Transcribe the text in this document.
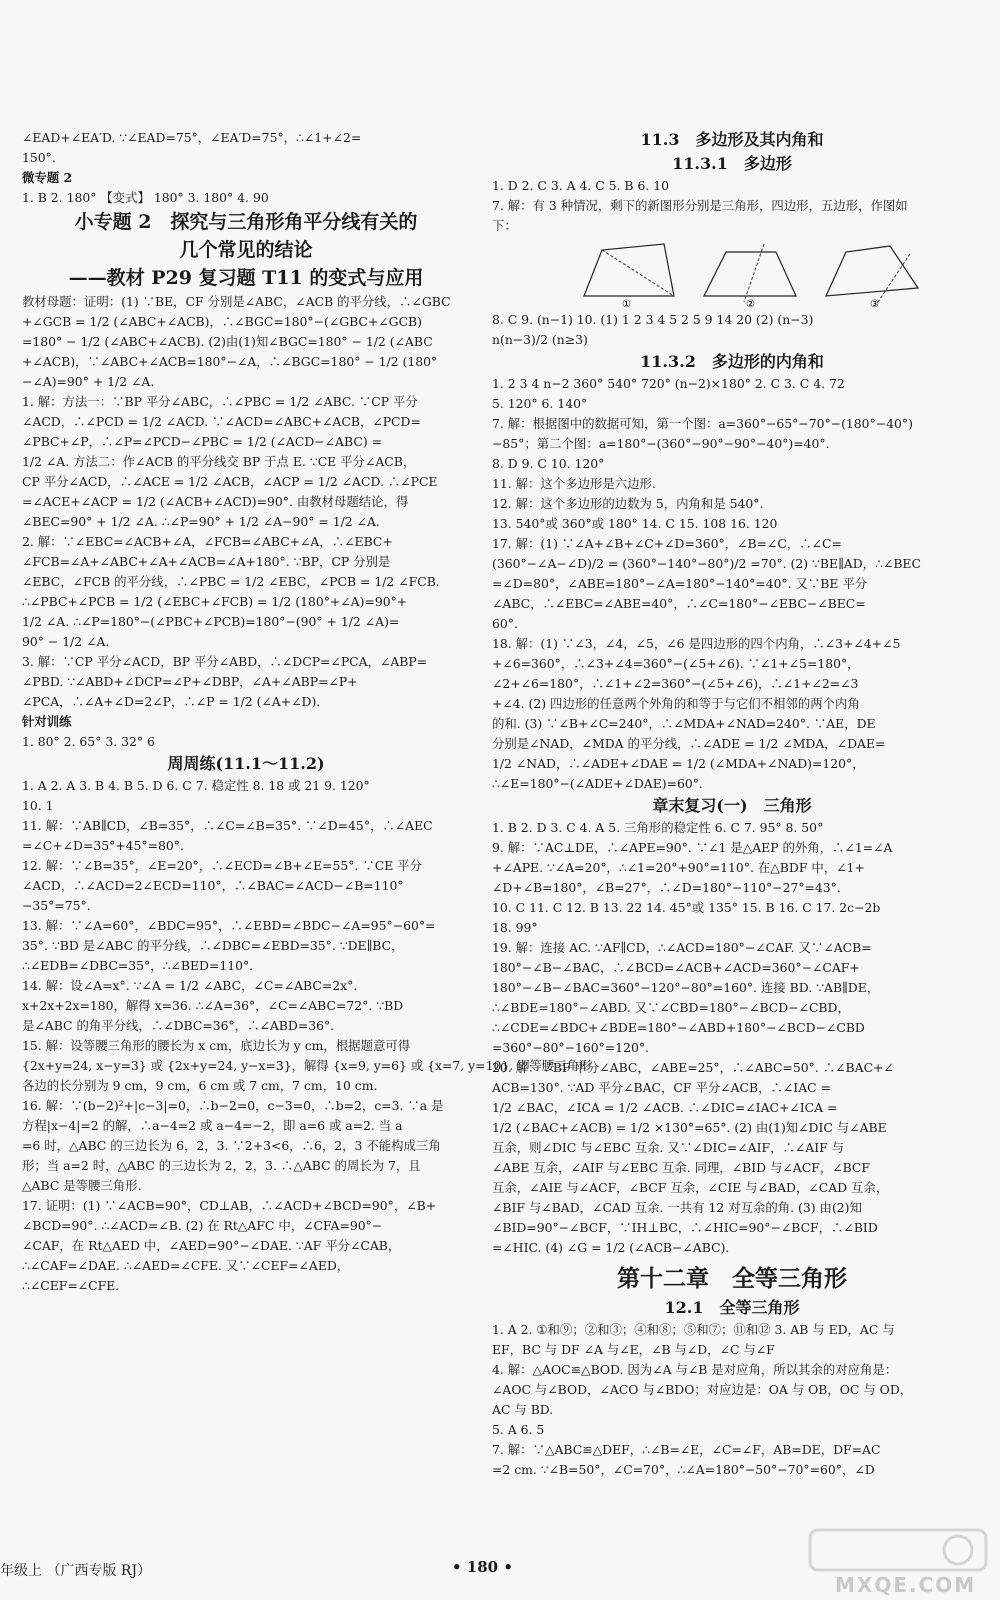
∠EAD+∠EA′D. ∵∠EAD=75°，∠EA′D=75°，∴∠1+∠2=
150°.
微专题 2
1. B 2. 180° 【变式】 180° 3. 180° 4. 90
小专题 2　探究与三角形角平分线有关的
几个常见的结论
——教材 P29 复习题 T11 的变式与应用
教材母题：证明：(1) ∵BE，CF 分别是∠ABC，∠ACB 的平分线，∴∠GBC
+∠GCB = 1/2 (∠ABC+∠ACB)，∴∠BGC=180°−(∠GBC+∠GCB)
=180° − 1/2 (∠ABC+∠ACB). (2)由(1)知∠BGC=180° − 1/2 (∠ABC
+∠ACB)，∵∠ABC+∠ACB=180°−∠A，∴∠BGC=180° − 1/2 (180°
−∠A)=90° + 1/2 ∠A.
1. 解：方法一：∵BP 平分∠ABC，∴∠PBC = 1/2 ∠ABC. ∵CP 平分
∠ACD，∴∠PCD = 1/2 ∠ACD. ∵∠ACD=∠ABC+∠ACB，∠PCD=
∠PBC+∠P，∴∠P=∠PCD−∠PBC = 1/2 (∠ACD−∠ABC) =
1/2 ∠A. 方法二：作∠ACB 的平分线交 BP 于点 E. ∵CE 平分∠ACB，
CP 平分∠ACD，∴∠ACE = 1/2 ∠ACB，∠ACP = 1/2 ∠ACD. ∴∠PCE
=∠ACE+∠ACP = 1/2 (∠ACB+∠ACD)=90°. 由教材母题结论，得
∠BEC=90° + 1/2 ∠A. ∴∠P=90° + 1/2 ∠A−90° = 1/2 ∠A.
2. 解：∵∠EBC=∠ACB+∠A，∠FCB=∠ABC+∠A，∴∠EBC+
∠FCB=∠A+∠ABC+∠A+∠ACB=∠A+180°. ∵BP，CP 分别是
∠EBC，∠FCB 的平分线，∴∠PBC = 1/2 ∠EBC，∠PCB = 1/2 ∠FCB.
∴∠PBC+∠PCB = 1/2 (∠EBC+∠FCB) = 1/2 (180°+∠A)=90°+
1/2 ∠A. ∴∠P=180°−(∠PBC+∠PCB)=180°−(90° + 1/2 ∠A)=
90° − 1/2 ∠A.
3. 解：∵CP 平分∠ACD，BP 平分∠ABD，∴∠DCP=∠PCA，∠ABP=
∠PBD. ∵∠ABD+∠DCP=∠P+∠DBP，∠A+∠ABP=∠P+
∠PCA，∴∠A+∠D=2∠P，∴∠P = 1/2 (∠A+∠D).
针对训练
1. 80° 2. 65° 3. 32° 6
周周练(11.1～11.2)
1. A 2. A 3. B 4. B 5. D 6. C 7. 稳定性 8. 18 或 21 9. 120°
10. 1
11. 解：∵AB∥CD，∠B=35°，∴∠C=∠B=35°. ∵∠D=45°，∴∠AEC
=∠C+∠D=35°+45°=80°.
12. 解：∵∠B=35°，∠E=20°，∴∠ECD=∠B+∠E=55°. ∵CE 平分
∠ACD，∴∠ACD=2∠ECD=110°，∴∠BAC=∠ACD−∠B=110°
−35°=75°.
13. 解：∵∠A=60°，∠BDC=95°，∴∠EBD=∠BDC−∠A=95°−60°=
35°. ∵BD 是∠ABC 的平分线，∴∠DBC=∠EBD=35°. ∵DE∥BC，
∴∠EDB=∠DBC=35°，∴∠BED=110°.
14. 解：设∠A=x°. ∵∠A = 1/2 ∠ABC，∠C=∠ABC=2x°.
x+2x+2x=180，解得 x=36. ∴∠A=36°，∠C=∠ABC=72°. ∵BD
是∠ABC 的角平分线，∴∠DBC=36°，∴∠ABD=36°.
15. 解：设等腰三角形的腰长为 x cm，底边长为 y cm，根据题意可得
{2x+y=24, x−y=3} 或 {2x+y=24, y−x=3}，解得 {x=9, y=6} 或 {x=7, y=10}. 即等腰三角形
各边的长分别为 9 cm，9 cm，6 cm 或 7 cm，7 cm，10 cm.
16. 解：∵(b−2)²+|c−3|=0，∴b−2=0，c−3=0，∴b=2，c=3. ∵a 是
方程|x−4|=2 的解，∴a−4=2 或 a−4=−2，即 a=6 或 a=2. 当 a
=6 时，△ABC 的三边长为 6，2，3. ∵2+3<6，∴6，2，3 不能构成三角
形；当 a=2 时，△ABC 的三边长为 2，2，3. ∴△ABC 的周长为 7，且
△ABC 是等腰三角形.
17. 证明：(1) ∵∠ACB=90°，CD⊥AB，∴∠ACD+∠BCD=90°，∠B+
∠BCD=90°. ∴∠ACD=∠B. (2) 在 Rt△AFC 中，∠CFA=90°−
∠CAF，在 Rt△AED 中，∠AED=90°−∠DAE. ∵AF 平分∠CAB，
∴∠CAF=∠DAE. ∴∠AED=∠CFE. 又∵∠CEF=∠AED，
∴∠CEF=∠CFE.
11.3　多边形及其内角和
11.3.1　多边形
1. D 2. C 3. A 4. C 5. B 6. 10
7. 解：有 3 种情况，剩下的新图形分别是三角形，四边形，五边形，作图如
下：
①	②	③
8. C 9. (n−1) 10. (1) 1 2 3 4 5 2 5 9 14 20 (2) (n−3)
n(n−3)/2 (n≥3)
11.3.2　多边形的内角和
1. 2 3 4 n−2 360° 540° 720° (n−2)×180° 2. C 3. C 4. 72
5. 120° 6. 140°
7. 解：根据图中的数据可知，第一个图：a=360°−65°−70°−(180°−40°)
−85°；第二个图：a=180°−(360°−90°−90°−40°)=40°.
8. D 9. C 10. 120°
11. 解：这个多边形是六边形.
12. 解：这个多边形的边数为 5，内角和是 540°.
13. 540°或 360°或 180° 14. C 15. 108 16. 120
17. 解：(1) ∵∠A+∠B+∠C+∠D=360°，∠B=∠C，∴∠C=
(360°−∠A−∠D)/2 = (360°−140°−80°)/2 =70°. (2) ∵BE∥AD，∴∠BEC
=∠D=80°，∠ABE=180°−∠A=180°−140°=40°. 又∵BE 平分
∠ABC，∴∠EBC=∠ABE=40°，∴∠C=180°−∠EBC−∠BEC=
60°.
18. 解：(1) ∵∠3，∠4，∠5，∠6 是四边形的四个内角，∴∠3+∠4+∠5
+∠6=360°，∴∠3+∠4=360°−(∠5+∠6). ∵∠1+∠5=180°，
∠2+∠6=180°，∴∠1+∠2=360°−(∠5+∠6)，∴∠1+∠2=∠3
+∠4. (2) 四边形的任意两个外角的和等于与它们不相邻的两个内角
的和. (3) ∵∠B+∠C=240°，∴∠MDA+∠NAD=240°. ∵AE，DE
分别是∠NAD，∠MDA 的平分线，∴∠ADE = 1/2 ∠MDA，∠DAE=
1/2 ∠NAD，∴∠ADE+∠DAE = 1/2 (∠MDA+∠NAD)=120°，
∴∠E=180°−(∠ADE+∠DAE)=60°.
章末复习(一)　三角形
1. B 2. D 3. C 4. A 5. 三角形的稳定性 6. C 7. 95° 8. 50°
9. 解：∵AC⊥DE，∴∠APE=90°. ∵∠1 是△AEP 的外角，∴∠1=∠A
+∠APE. ∵∠A=20°，∴∠1=20°+90°=110°. 在△BDF 中，∠1+
∠D+∠B=180°，∠B=27°，∴∠D=180°−110°−27°=43°.
10. C 11. C 12. B 13. 22 14. 45°或 135° 15. B 16. C 17. 2c−2b
18. 99°
19. 解：连接 AC. ∵AF∥CD，∴∠ACD=180°−∠CAF. 又∵∠ACB=
180°−∠B−∠BAC，∴∠BCD=∠ACB+∠ACD=360°−∠CAF+
180°−∠B−∠BAC=360°−120°−80°=160°. 连接 BD. ∵AB∥DE，
∴∠BDE=180°−∠ABD. 又∵∠CBD=180°−∠BCD−∠CBD，
∴∠CDE=∠BDC+∠BDE=180°−∠ABD+180°−∠BCD−∠CBD
=360°−80°−160°=120°.
20. 解：∵BF 平分∠ABC，∠ABE=25°，∴∠ABC=50°. ∴∠BAC+∠
ACB=130°. ∵AD 平分∠BAC，CF 平分∠ACB，∴∠IAC =
1/2 ∠BAC，∠ICA = 1/2 ∠ACB. ∴∠DIC=∠IAC+∠ICA =
1/2 (∠BAC+∠ACB) = 1/2 ×130°=65°. (2) 由(1)知∠DIC 与∠ABE
互余，则∠DIC 与∠EBC 互余. 又∵∠DIC=∠AIF，∴∠AIF 与
∠ABE 互余，∠AIF 与∠EBC 互余. 同理，∠BID 与∠ACF，∠BCF
互余，∠AIE 与∠ACF，∠BCF 互余，∠CIE 与∠BAD，∠CAD 互余，
∠BIF 与∠BAD，∠CAD 互余. 一共有 12 对互余的角. (3) 由(2)知
∠BID=90°−∠BCF，∵IH⊥BC，∴∠HIC=90°−∠BCF，∴∠BID
=∠HIC. (4) ∠G = 1/2 (∠ACB−∠ABC).
第十二章　全等三角形
12.1　全等三角形
1. A 2. ①和⑨；②和③；④和⑧；⑤和⑦；⑪和⑫ 3. AB 与 ED，AC 与
EF，BC 与 DF ∠A 与∠E，∠B 与∠D，∠C 与∠F
4. 解：△AOC≌△BOD. 因为∠A 与∠B 是对应角，所以其余的对应角是：
∠AOC 与∠BOD，∠ACO 与∠BDO；对应边是：OA 与 OB，OC 与 OD，
AC 与 BD.
5. A 6. 5
7. 解：∵△ABC≌△DEF，∴∠B=∠E，∠C=∠F，AB=DE，DF=AC
=2 cm. ∵∠B=50°，∠C=70°，∴∠A=180°−50°−70°=60°，∠D
年级上 （广西专版 RJ）	• 180 •
MXQE.COM
